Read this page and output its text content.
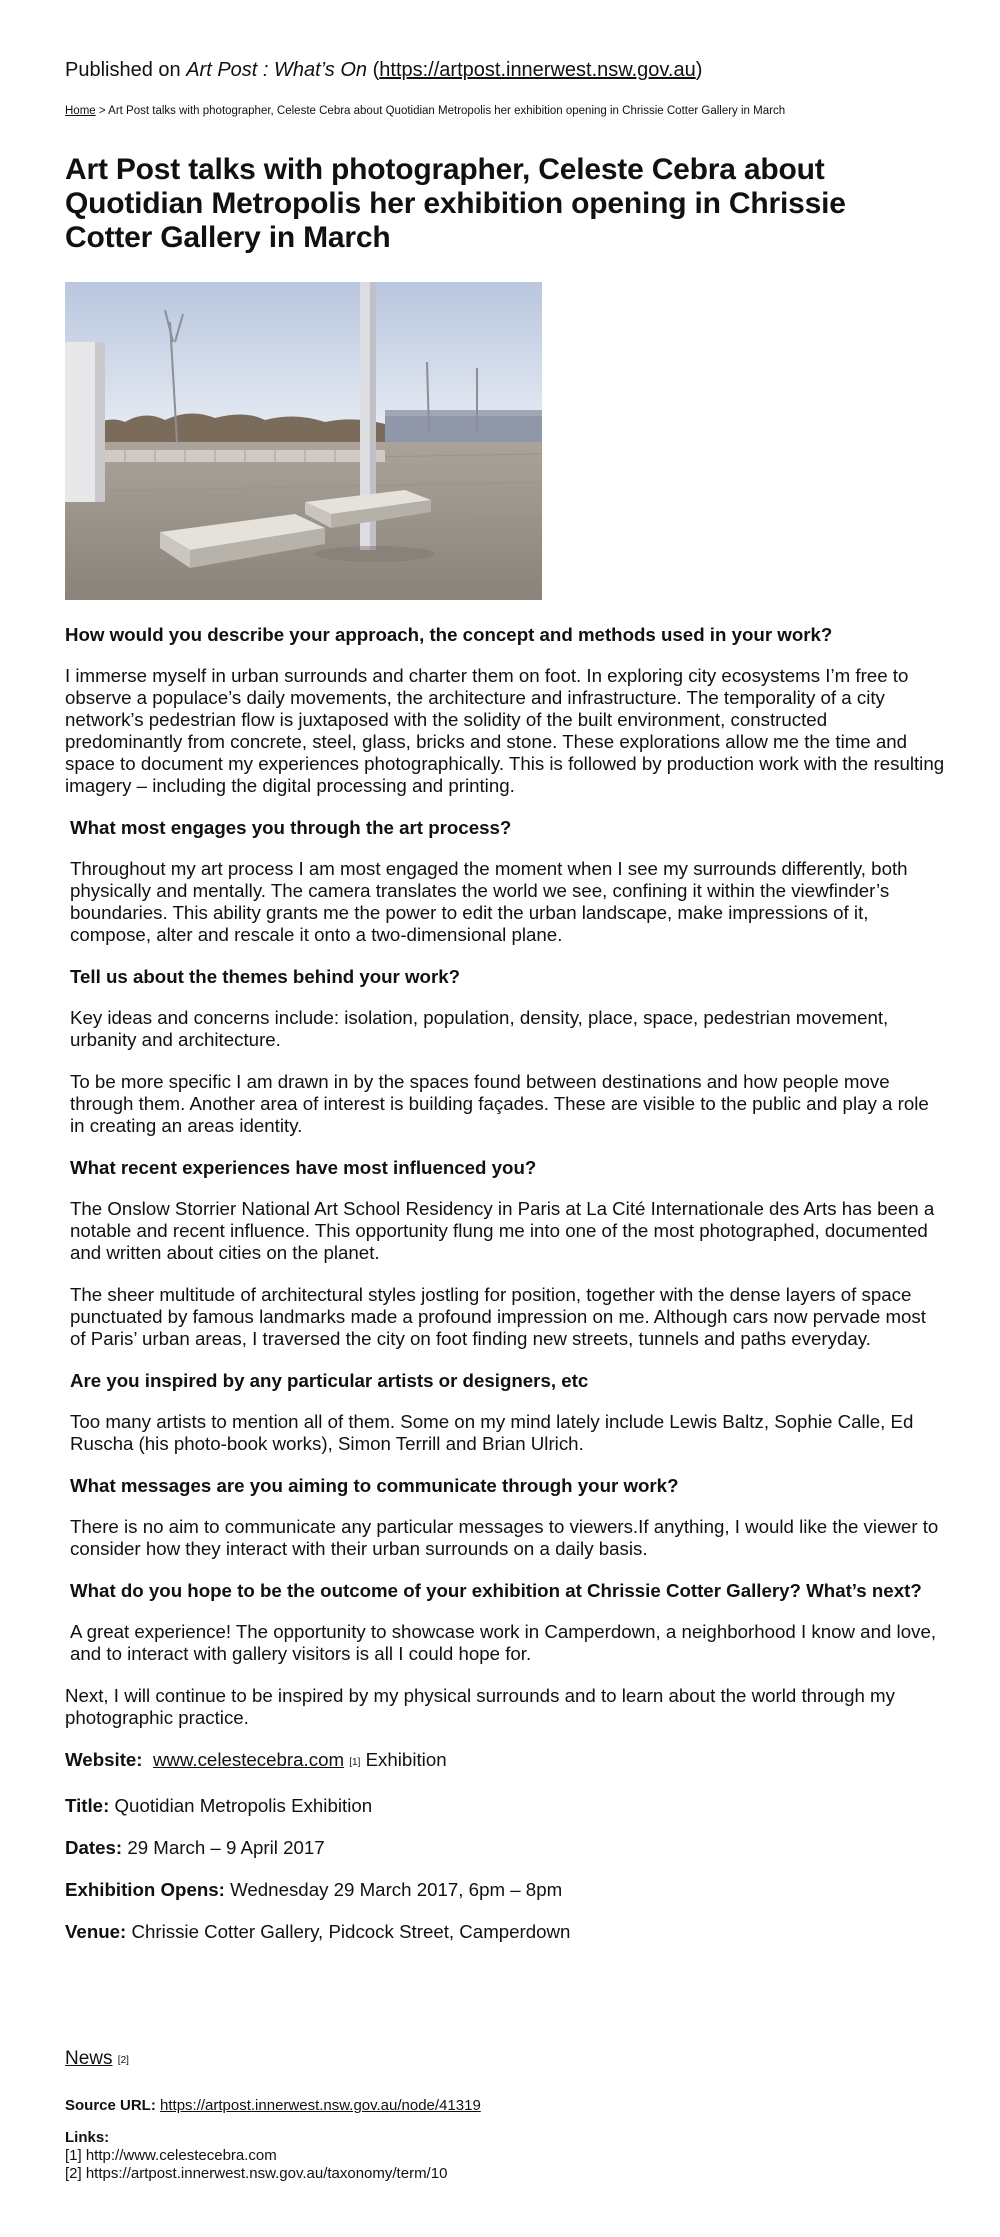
Published on Art Post : What’s On (https://artpost.innerwest.nsw.gov.au)
Home > Art Post talks with photographer, Celeste Cebra about Quotidian Metropolis her exhibition opening in Chrissie Cotter Gallery in March
Art Post talks with photographer, Celeste Cebra about Quotidian Metropolis her exhibition opening in Chrissie Cotter Gallery in March
How would you describe your approach, the concept and methods used in your work?

I immerse myself in urban surrounds and charter them on foot. In exploring city ecosystems I’m free to observe a populace’s daily movements, the architecture and infrastructure. The temporality of a city network’s pedestrian flow is juxtaposed with the solidity of the built environment, constructed predominantly from concrete, steel, glass, bricks and stone. These explorations allow me the time and space to document my experiences photographically. This is followed by production work with the resulting imagery – including the digital processing and printing.

What most engages you through the art process?

Throughout my art process I am most engaged the moment when I see my surrounds differently, both physically and mentally. The camera translates the world we see, confining it within the viewfinder’s boundaries. This ability grants me the power to edit the urban landscape, make impressions of it, compose, alter and rescale it onto a two-dimensional plane.

Tell us about the themes behind your work?

Key ideas and concerns include: isolation, population, density, place, space, pedestrian movement, urbanity and architecture.

To be more specific I am drawn in by the spaces found between destinations and how people move through them. Another area of interest is building façades. These are visible to the public and play a role in creating an areas identity.

What recent experiences have most influenced you?

The Onslow Storrier National Art School Residency in Paris at La Cité Internationale des Arts has been a notable and recent influence. This opportunity flung me into one of the most photographed, documented and written about cities on the planet.

The sheer multitude of architectural styles jostling for position, together with the dense layers of space punctuated by famous landmarks made a profound impression on me. Although cars now pervade most of Paris’ urban areas, I traversed the city on foot finding new streets, tunnels and paths everyday.

Are you inspired by any particular artists or designers, etc

Too many artists to mention all of them. Some on my mind lately include Lewis Baltz, Sophie Calle, Ed Ruscha (his photo-book works), Simon Terrill and Brian Ulrich.

What messages are you aiming to communicate through your work?

There is no aim to communicate any particular messages to viewers.If anything, I would like the viewer to consider how they interact with their urban surrounds on a daily basis.

What do you hope to be the outcome of your exhibition at Chrissie Cotter Gallery? What’s next?

A great experience! The opportunity to showcase work in Camperdown, a neighborhood I know and love, and to interact with gallery visitors is all I could hope for.

Next, I will continue to be inspired by my physical surrounds and to learn about the world through my photographic practice.

Website: www.celestecebra.com [1] Exhibition

Title: Quotidian Metropolis Exhibition

Dates: 29 March – 9 April 2017

Exhibition Opens: Wednesday 29 March 2017, 6pm – 8pm

Venue: Chrissie Cotter Gallery, Pidcock Street, Camperdown

News [2]
Source URL: https://artpost.innerwest.nsw.gov.au/node/41319
Links:
[1] http://www.celestecebra.com
[2] https://artpost.innerwest.nsw.gov.au/taxonomy/term/10
